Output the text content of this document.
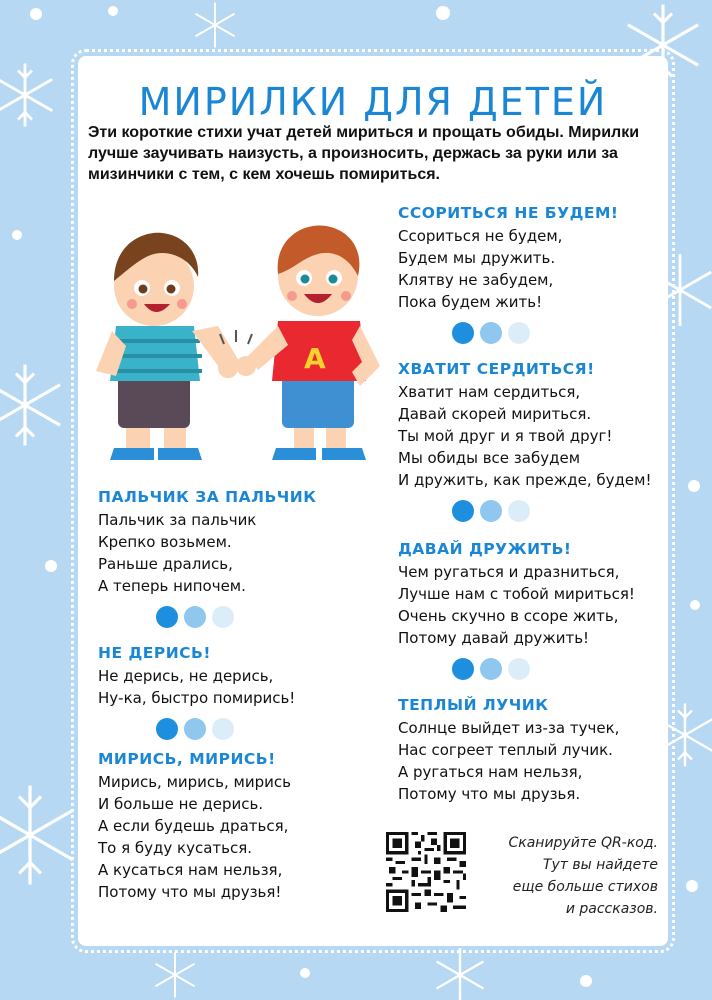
МИРИЛКИ ДЛЯ ДЕТЕЙ

Эти короткие стихи учат детей мириться и прощать обиды. Мирилки лучше заучивать наизусть, а произносить, держась за руки или за мизинчики с тем, с кем хочешь помириться.

A
ССОРИТЬСЯ НЕ БУДЕМ!
Ссориться не будем,
Будем мы дружить.
Клятву не забудем,
Пока будем жить!
ХВАТИТ СЕРДИТЬСЯ!
Хватит нам сердиться,
Давай скорей мириться.
Ты мой друг и я твой друг!
Мы обиды все забудем
И дружить, как прежде, будем!
ДАВАЙ ДРУЖИТЬ!
Чем ругаться и дразниться,
Лучше нам с тобой мириться!
Очень скучно в ссоре жить,
Потому давай дружить!
ТЕПЛЫЙ ЛУЧИК
Солнце выйдет из-за тучек,
Нас согреет теплый лучик.
А ругаться нам нельзя,
Потому что мы друзья.
ПАЛЬЧИК ЗА ПАЛЬЧИК
Пальчик за пальчик
Крепко возьмем.
Раньше дрались,
А теперь нипочем.
НЕ ДЕРИСЬ!
Не дерись, не дерись,
Ну-ка, быстро помирись!
МИРИСЬ, МИРИСЬ!
Мирись, мирись, мирись
И больше не дерись.
А если будешь драться,
То я буду кусаться.
А кусаться нам нельзя,
Потому что мы друзья!
Сканируйте QR-код.
Тут вы найдете
еще больше стихов
и рассказов.
